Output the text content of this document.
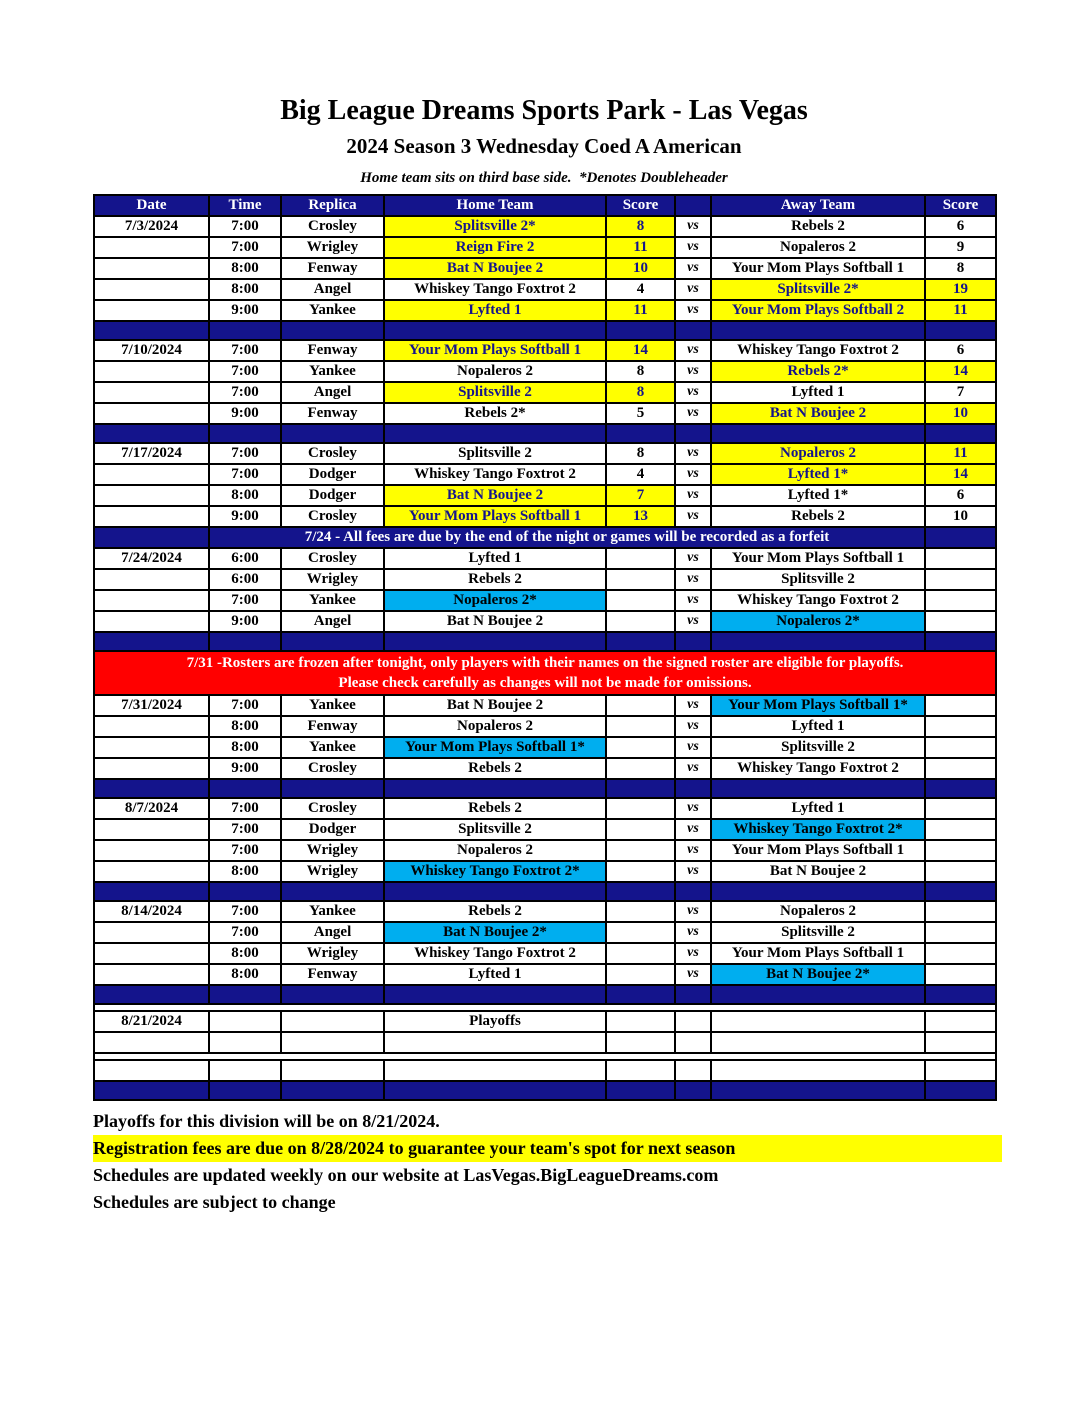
Big League Dreams Sports Park - Las Vegas
2024 Season 3 Wednesday Coed A American
Home team sits on third base side.  *Denotes Doubleheader
Date	Time	Replica	Home Team	Score		Away Team	Score
7/3/2024	7:00	Crosley	Splitsville 2*	8	vs	Rebels 2	6
	7:00	Wrigley	Reign Fire 2	11	vs	Nopaleros 2	9
	8:00	Fenway	Bat N Boujee 2	10	vs	Your Mom Plays Softball 1	8
	8:00	Angel	Whiskey Tango Foxtrot 2	4	vs	Splitsville 2*	19
	9:00	Yankee	Lyfted 1	11	vs	Your Mom Plays Softball 2	11

7/10/2024	7:00	Fenway	Your Mom Plays Softball 1	14	vs	Whiskey Tango Foxtrot 2	6
	7:00	Yankee	Nopaleros 2	8	vs	Rebels 2*	14
	7:00	Angel	Splitsville 2	8	vs	Lyfted 1	7
	9:00	Fenway	Rebels 2*	5	vs	Bat N Boujee 2	10

7/17/2024	7:00	Crosley	Splitsville 2	8	vs	Nopaleros 2	11
	7:00	Dodger	Whiskey Tango Foxtrot 2	4	vs	Lyfted 1*	14
	8:00	Dodger	Bat N Boujee 2	7	vs	Lyfted 1*	6
	9:00	Crosley	Your Mom Plays Softball 1	13	vs	Rebels 2	10
	7/24 - All fees are due by the end of the night or games will be recorded as a forfeit						
7/24/2024	6:00	Crosley	Lyfted 1		vs	Your Mom Plays Softball 1	
	6:00	Wrigley	Rebels 2		vs	Splitsville 2	
	7:00	Yankee	Nopaleros 2*		vs	Whiskey Tango Foxtrot 2	
	9:00	Angel	Bat N Boujee 2		vs	Nopaleros 2*	

7/31 -Rosters are frozen after tonight, only players with their names on the signed roster are eligible for playoffs.
Please check carefully as changes will not be made for omissions.							

7/31/2024	7:00	Yankee	Bat N Boujee 2		vs	Your Mom Plays Softball 1*	
	8:00	Fenway	Nopaleros 2		vs	Lyfted 1	
	8:00	Yankee	Your Mom Plays Softball 1*		vs	Splitsville 2	
	9:00	Crosley	Rebels 2		vs	Whiskey Tango Foxtrot 2	

8/7/2024	7:00	Crosley	Rebels 2		vs	Lyfted 1	
	7:00	Dodger	Splitsville 2		vs	Whiskey Tango Foxtrot 2*	
	7:00	Wrigley	Nopaleros 2		vs	Your Mom Plays Softball 1	
	8:00	Wrigley	Whiskey Tango Foxtrot 2*		vs	Bat N Boujee 2	

8/14/2024	7:00	Yankee	Rebels 2		vs	Nopaleros 2	
	7:00	Angel	Bat N Boujee 2*		vs	Splitsville 2	
	8:00	Wrigley	Whiskey Tango Foxtrot 2		vs	Your Mom Plays Softball 1	
	8:00	Fenway	Lyfted 1		vs	Bat N Boujee 2*	

8/21/2024			Playoffs				

Playoffs for this division will be on 8/21/2024.
Registration fees are due on 8/28/2024 to guarantee your team's spot for next season
Schedules are updated weekly on our website at LasVegas.BigLeagueDreams.com
Schedules are subject to change
